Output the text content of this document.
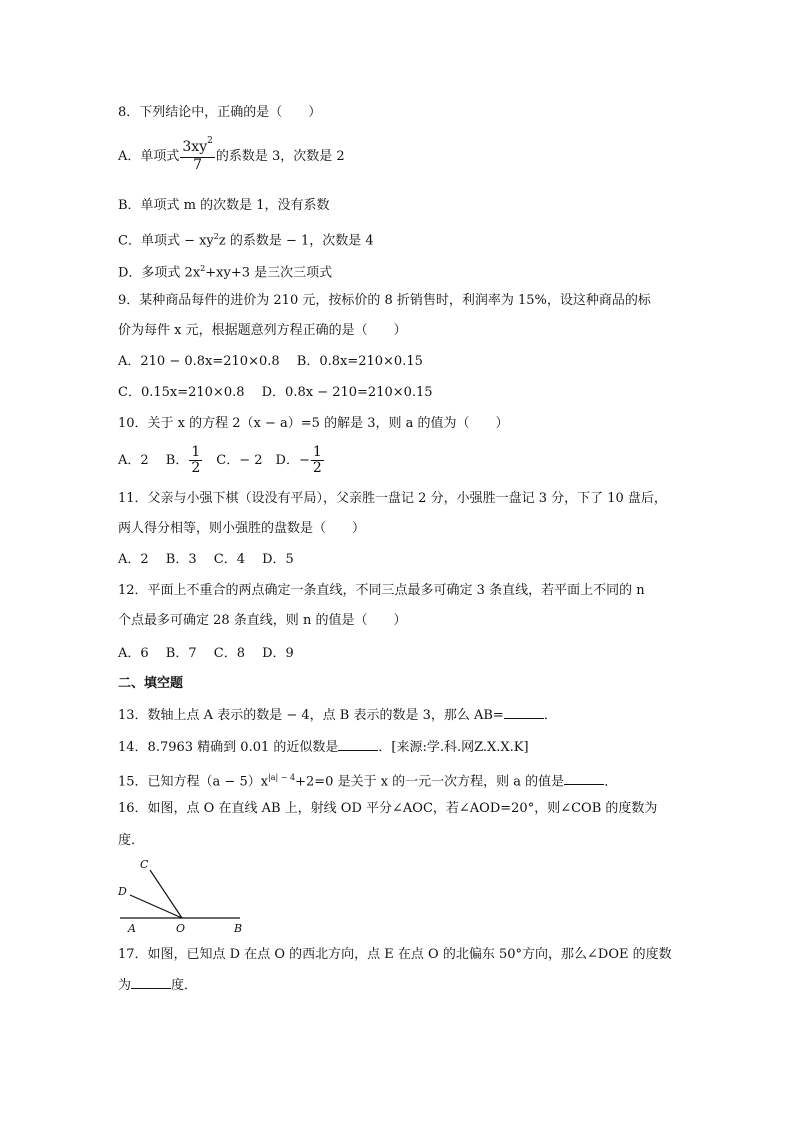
8．下列结论中，正确的是（　　）
A．单项式 $\frac{3xy^2}{7}$ 的系数是 3，次数是 2
B．单项式 m 的次数是 1，没有系数
C．单项式 − $xy^2z$ 的系数是 − 1，次数是 4
D．多项式 $2x^2+xy+3$ 是三次三项式
9．某种商品每件的进价为 210 元，按标价的 8 折销售时，利润率为 15%，设这种商品的标
价为每件 x 元，根据题意列方程正确的是（　　）
A．210 − 0.8x=210×0.8　 B．0.8x=210×0.15
C．0.15x=210×0.8　 D．0.8x − 210=210×0.15
10．关于 x 的方程 2（x − a）=5 的解是 3，则 a 的值为（　　）
A．2　 B． $\frac{1}{2}$ 　C．− 2　D．− $\frac{1}{2}$
11．父亲与小强下棋（设没有平局），父亲胜一盘记 2 分，小强胜一盘记 3 分，下了 10 盘后，
两人得分相等，则小强胜的盘数是（　　）
A．2　 B．3　 C．4　 D．5
12．平面上不重合的两点确定一条直线，不同三点最多可确定 3 条直线，若平面上不同的 n
个点最多可确定 28 条直线，则 n 的值是（　　）
A．6　 B．7　 C．8　 D．9
二、填空题
13．数轴上点 A 表示的数是 − 4，点 B 表示的数是 3，那么 AB=	．
14．8.7963 精确到 0.01 的近似数是	．[来源:学.科.网Z.X.X.K]
15．已知方程$(a - 5)x^{|a| - 4}+2=0$ 是关于 x 的一元一次方程，则 a 的值是	．
16．如图，点 O 在直线 AB 上，射线 OD 平分∠AOC，若∠AOD=20°，则∠COB 的度数为
度．
C
D
A	O	B
17．如图，已知点 D 在点 O 的西北方向，点 E 在点 O 的北偏东 50°方向，那么∠DOE 的度数
为	度．
